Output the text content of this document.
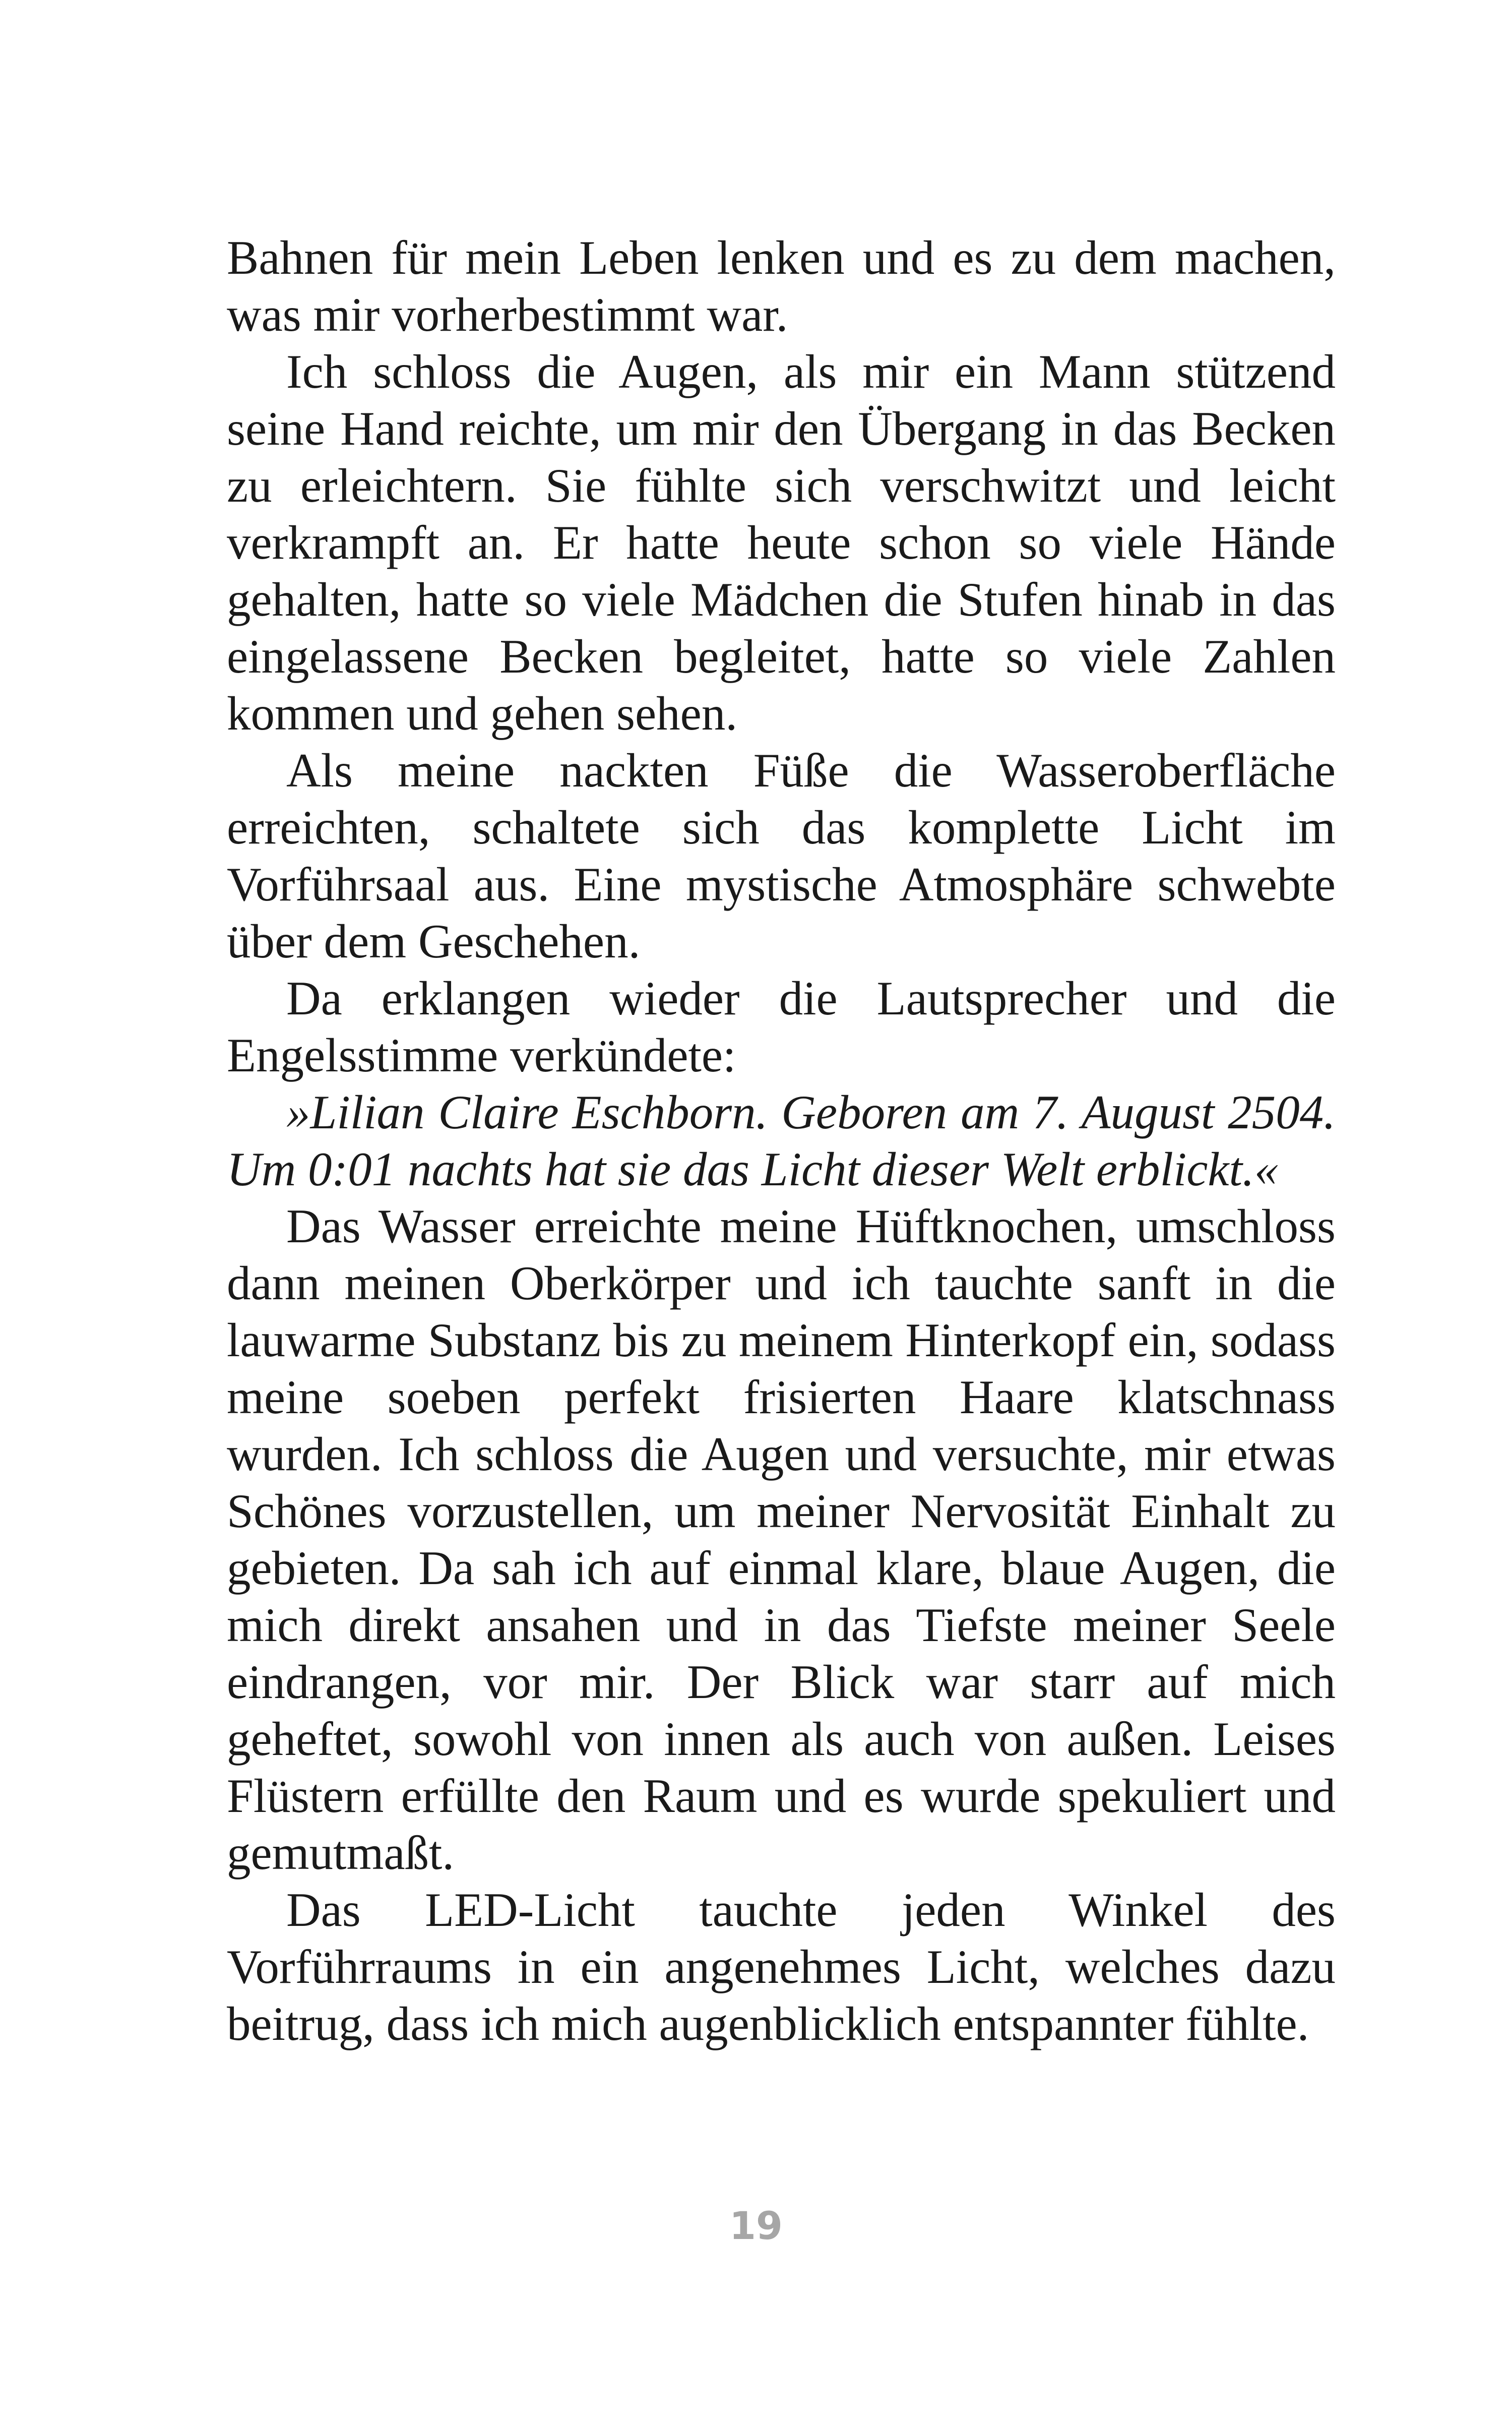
Bahnen für mein Leben lenken und es zu dem machen, was mir vorherbestimmt war.

Ich schloss die Augen, als mir ein Mann stützend seine Hand reichte, um mir den Übergang in das Becken zu erleichtern. Sie fühlte sich verschwitzt und leicht verkrampft an. Er hatte heute schon so viele Hände gehalten, hatte so viele Mädchen die Stufen hinab in das eingelassene Becken begleitet, hatte so viele Zahlen kommen und gehen sehen.

Als meine nackten Füße die Wasseroberfläche erreichten, schaltete sich das komplette Licht im Vorführsaal aus. Eine mystische Atmosphäre schwebte über dem Geschehen.

Da erklangen wieder die Lautsprecher und die Engelsstimme verkündete:

»Lilian Claire Eschborn. Geboren am 7. August 2504. Um 0:01 nachts hat sie das Licht dieser Welt erblickt.«

Das Wasser erreichte meine Hüftknochen, umschloss dann meinen Oberkörper und ich tauchte sanft in die lauwarme Substanz bis zu meinem Hinterkopf ein, sodass meine soeben perfekt frisierten Haare klatschnass wurden. Ich schloss die Augen und versuchte, mir etwas Schönes vorzustellen, um meiner Nervosität Einhalt zu gebieten. Da sah ich auf einmal klare, blaue Augen, die mich direkt ansahen und in das Tiefste meiner Seele eindrangen, vor mir. Der Blick war starr auf mich geheftet, sowohl von innen als auch von außen. Leises Flüstern erfüllte den Raum und es wurde spekuliert und gemutmaßt.

Das LED-Licht tauchte jeden Winkel des Vorführraums in ein angenehmes Licht, welches dazu beitrug, dass ich mich augenblicklich entspannter fühlte.

19
